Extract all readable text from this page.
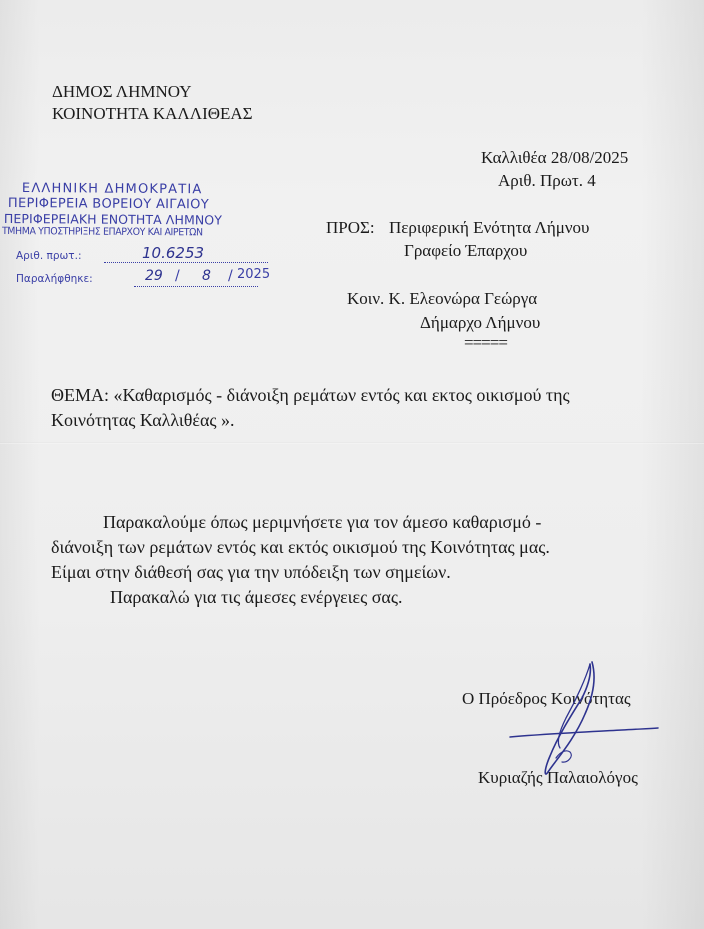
ΔΗΜΟΣ ΛΗΜΝΟΥ
ΚΟΙΝΟΤΗΤΑ ΚΑΛΛΙΘΕΑΣ
Καλλιθέα 28/08/2025
Αριθ. Πρωτ. 4
ΕΛΛΗΝΙΚΗ ΔΗΜΟΚΡΑΤΙΑ
ΠΕΡΙΦΕΡΕΙΑ ΒΟΡΕΙΟΥ ΑΙΓΑΙΟΥ
ΠΕΡΙΦΕΡΕΙΑΚΗ ΕΝΟΤΗΤΑ ΛΗΜΝΟΥ
ΤΜΗΜΑ ΥΠΟΣΤΗΡΙΞΗΣ ΕΠΑΡΧΟΥ ΚΑΙ ΑΙΡΕΤΩΝ
Αριθ. πρωτ.:	10.6253
Παραλήφθηκε:	29 / 8 / 2025
ΠΡΟΣ: Περιφερική Ενότητα Λήμνου
Γραφείο Έπαρχου
Κοιν. Κ. Ελεονώρα Γεώργα
Δήμαρχο Λήμνου
=====
ΘΕΜΑ: «Καθαρισμός - διάνοιξη ρεμάτων εντός και εκτος οικισμού της
Κοινότητας Καλλιθέας ».
Παρακαλούμε όπως μεριμνήσετε για τον άμεσο καθαρισμό -
διάνοιξη των ρεμάτων εντός και εκτός οικισμού της Κοινότητας μας.
Είμαι στην διάθεσή σας για την υπόδειξη των σημείων.
Παρακαλώ για τις άμεσες ενέργειες σας.
Ο Πρόεδρος Κοινότητας
Κυριαζής Παλαιολόγος
